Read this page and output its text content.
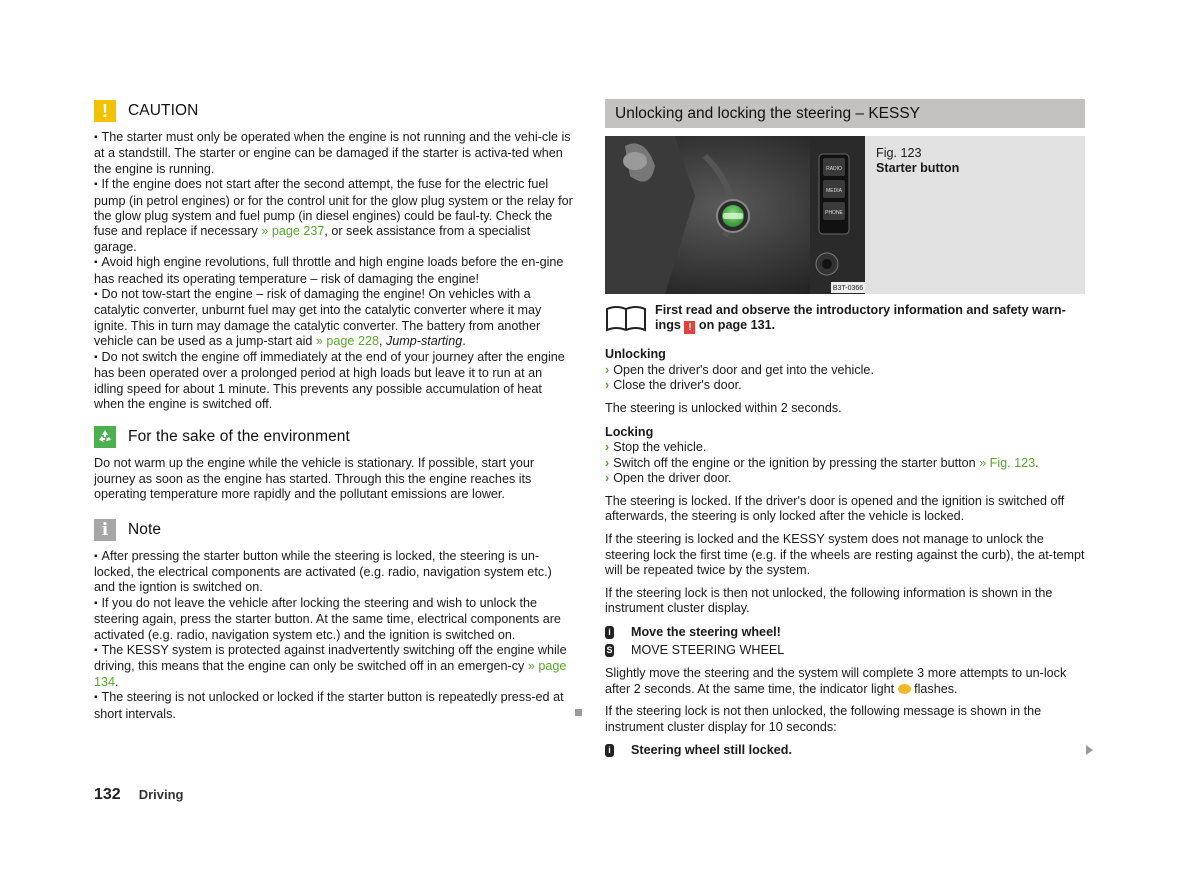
!	CAUTION

▪ The starter must only be operated when the engine is not running and the vehi-cle is at a standstill. The starter or engine can be damaged if the starter is activa-ted when the engine is running.

▪ If the engine does not start after the second attempt, the fuse for the electric fuel pump (in petrol engines) or for the control unit for the glow plug system or the relay for the glow plug system and fuel pump (in diesel engines) could be faul-ty. Check the fuse and replace if necessary » page 237, or seek assistance from a specialist garage.

▪ Avoid high engine revolutions, full throttle and high engine loads before the en-gine has reached its operating temperature – risk of damaging the engine!

▪ Do not tow-start the engine – risk of damaging the engine! On vehicles with a catalytic converter, unburnt fuel may get into the catalytic converter where it may ignite. This in turn may damage the catalytic converter. The battery from another vehicle can be used as a jump-start aid » page 228, Jump-starting.

▪ Do not switch the engine off immediately at the end of your journey after the engine has been operated over a prolonged period at high loads but leave it to run at an idling speed for about 1 minute. This prevents any possible accumulation of heat when the engine is switched off.

For the sake of the environment

Do not warm up the engine while the vehicle is stationary. If possible, start your journey as soon as the engine has started. Through this the engine reaches its operating temperature more rapidly and the pollutant emissions are lower.

i	Note

▪ After pressing the starter button while the steering is locked, the steering is un-locked, the electrical components are activated (e.g. radio, navigation system etc.) and the igntion is switched on.

▪ If you do not leave the vehicle after locking the steering and wish to unlock the steering again, press the starter button. At the same time, electrical components are activated (e.g. radio, navigation system etc.) and the ignition is switched on.

▪ The KESSY system is protected against inadvertently switching off the engine while driving, this means that the engine can only be switched off in an emergen-cy » page 134.

▪ The steering is not unlocked or locked if the starter button is repeatedly press-ed at short intervals.

Unlocking and locking the steering – KESSY
RADIO
MEDIA
PHONE
B3T-0366
Fig. 123
Starter button

First read and observe the introductory information and safety warn-ings ! on page 131.

Unlocking

› Open the driver's door and get into the vehicle.

› Close the driver's door.

The steering is unlocked within 2 seconds.

Locking

› Stop the vehicle.

› Switch off the engine or the ignition by pressing the starter button » Fig. 123.

› Open the driver door.

The steering is locked. If the driver's door is opened and the ignition is switched off afterwards, the steering is only locked after the vehicle is locked.

If the steering is locked and the KESSY system does not manage to unlock the steering lock the first time (e.g. if the wheels are resting against the curb), the at-tempt will be repeated twice by the system.

If the steering lock is then not unlocked, the following information is shown in the instrument cluster display.

i Move the steering wheel!

S MOVE STEERING WHEEL

Slightly move the steering and the system will complete 3 more attempts to un-lock after 2 seconds. At the same time, the indicator light  flashes.

If the steering lock is not then unlocked, the following message is shown in the instrument cluster display for 10 seconds:

i Steering wheel still locked.

132 Driving
